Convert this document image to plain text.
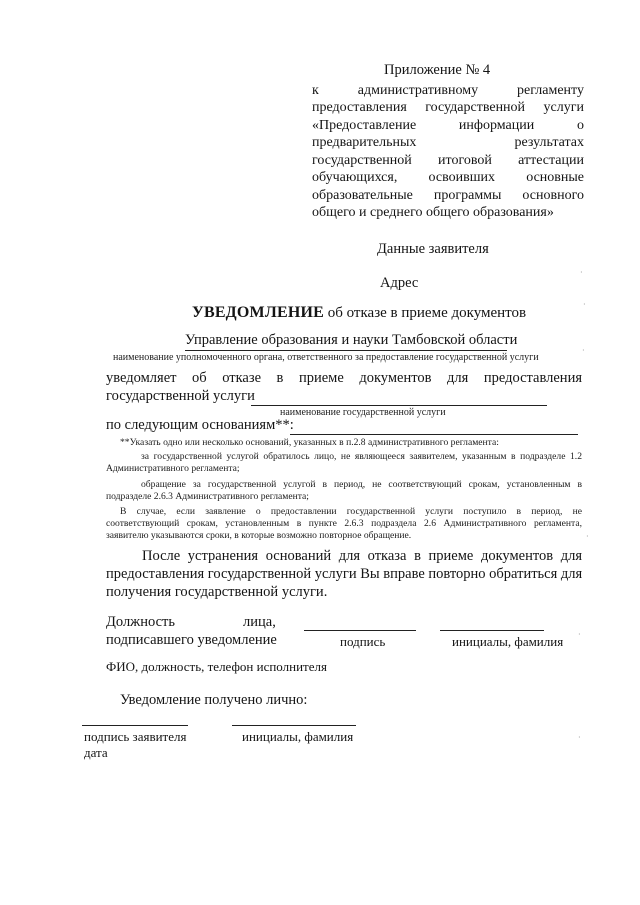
Приложение № 4
к административному регламенту
предоставления государственной услуги
«Предоставление информации о
предварительных результатах
государственной итоговой аттестации
обучающихся, освоивших основные
образовательные программы основного
общего и среднего общего образования»
Данные заявителя
Адрес
УВЕДОМЛЕНИЕ об отказе в приеме документов
Управление образования и науки Тамбовской области
наименование уполномоченного органа, ответственного за предоставление государственной услуги
уведомляет об отказе в приеме документов для предоставления
государственной услуги
наименование государственной услуги
по следующим основаниям**:
**Указать одно или несколько оснований, указанных в п.2.8 административного регламента:
за государственной услугой обратилось лицо, не являющееся заявителем, указанным в подразделе 1.2
Административного регламента;
обращение за государственной услугой в период, не соответствующий срокам, установленным в
подразделе 2.6.3 Административного регламента;
В случае, если заявление о предоставлении государственной услуги поступило в период, не
соответствующий срокам, установленным в пункте 2.6.3 подраздела 2.6 Административного регламента,
заявителю указываются сроки, в которые возможно повторное обращение.
После устранения оснований для отказа в приеме документов для
предоставления государственной услуги Вы вправе повторно обратиться для
получения государственной услуги.
Должность	лица,
подписавшего уведомление	подпись	инициалы, фамилия
ФИО, должность, телефон исполнителя
Уведомление получено лично:
подпись заявителя	инициалы, фамилия
дата
·
·
·
·
·
·
